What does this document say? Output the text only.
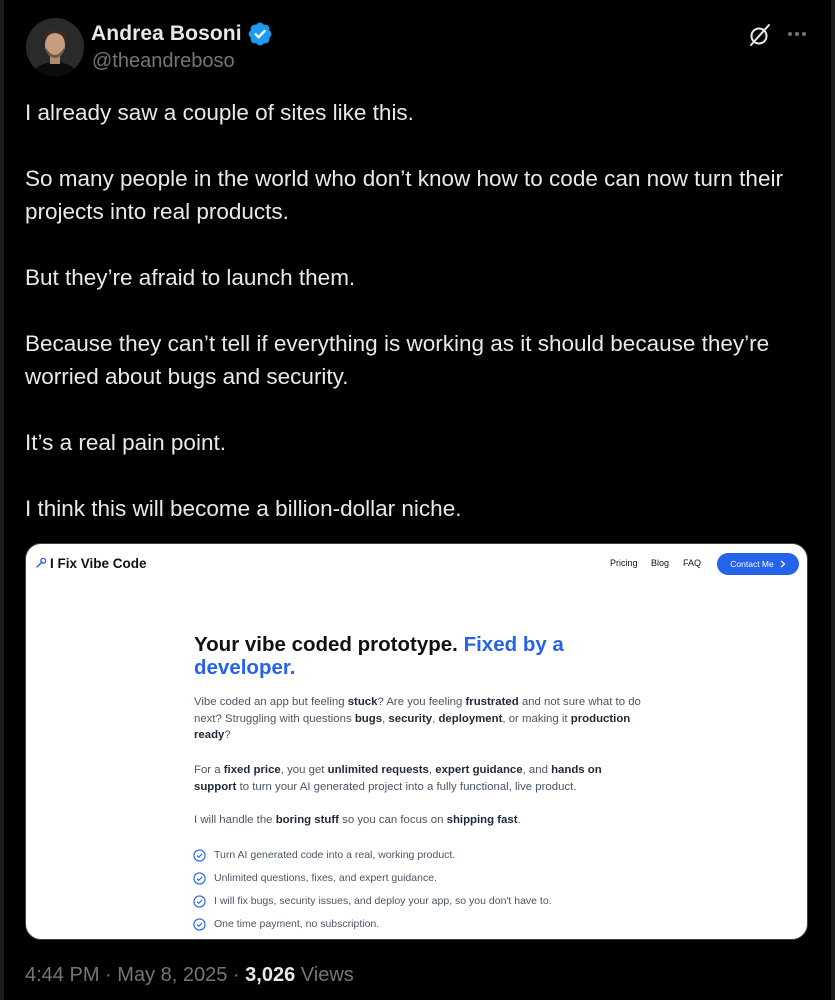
Andrea Bosoni
@theandreboso

I already saw a couple of sites like this.

So many people in the world who don’t know how to code can now turn their projects into real products.

But they’re afraid to launch them.

Because they can’t tell if everything is working as it should because they’re worried about bugs and security.

It’s a real pain point.

I think this will become a billion-dollar niche.

I Fix Vibe Code	Pricing Blog FAQ	Contact Me
Your vibe coded prototype. Fixed by a developer.
Vibe coded an app but feeling stuck? Are you feeling frustrated and not sure what to do next? Struggling with questions bugs, security, deployment, or making it production ready?
For a fixed price, you get unlimited requests, expert guidance, and hands on support to turn your AI generated project into a fully functional, live product.
I will handle the boring stuff so you can focus on shipping fast.
Turn AI generated code into a real, working product.
Unlimited questions, fixes, and expert guidance.
I will fix bugs, security issues, and deploy your app, so you don't have to.
One time payment, no subscription.
4:44 PM · May 8, 2025 · 3,026 Views
